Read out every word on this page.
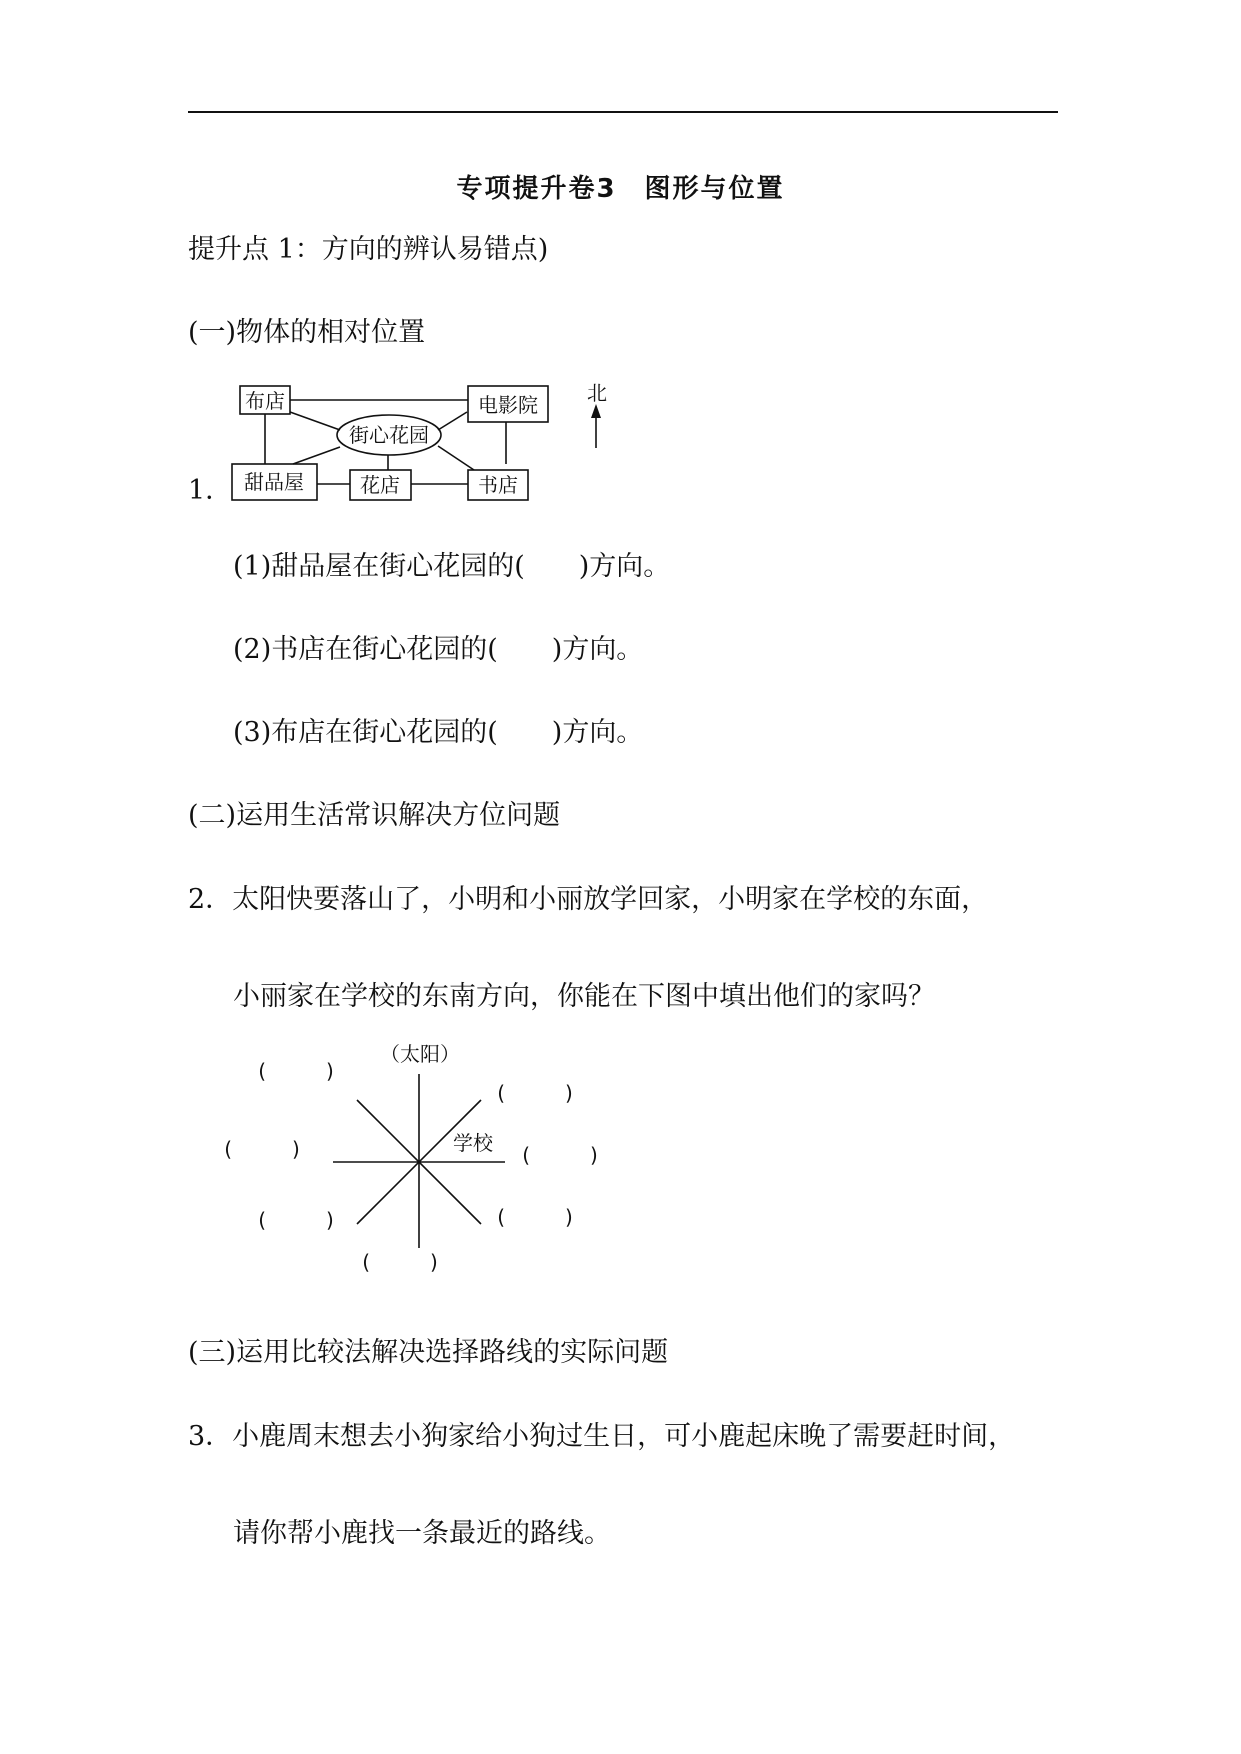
专项提升卷3　图形与位置
提升点 1：方向的辨认易错点)
(一)物体的相对位置
1．
北
布店	电影院
街心花园
甜品屋	花店	书店
(1)甜品屋在街心花园的(　　)方向。
(2)书店在街心花园的(　　)方向。
(3)布店在街心花园的(　　)方向。
(二)运用生活常识解决方位问题
2．太阳快要落山了，小明和小丽放学回家，小明家在学校的东面，
小丽家在学校的东南方向，你能在下图中填出他们的家吗？
（太阳）
学校
(　　　)
(　　　)
(　　　)	(　　　)
(　　　)	(　　　)
(　　　)
(三)运用比较法解决选择路线的实际问题
3．小鹿周末想去小狗家给小狗过生日，可小鹿起床晚了需要赶时间，
请你帮小鹿找一条最近的路线。
